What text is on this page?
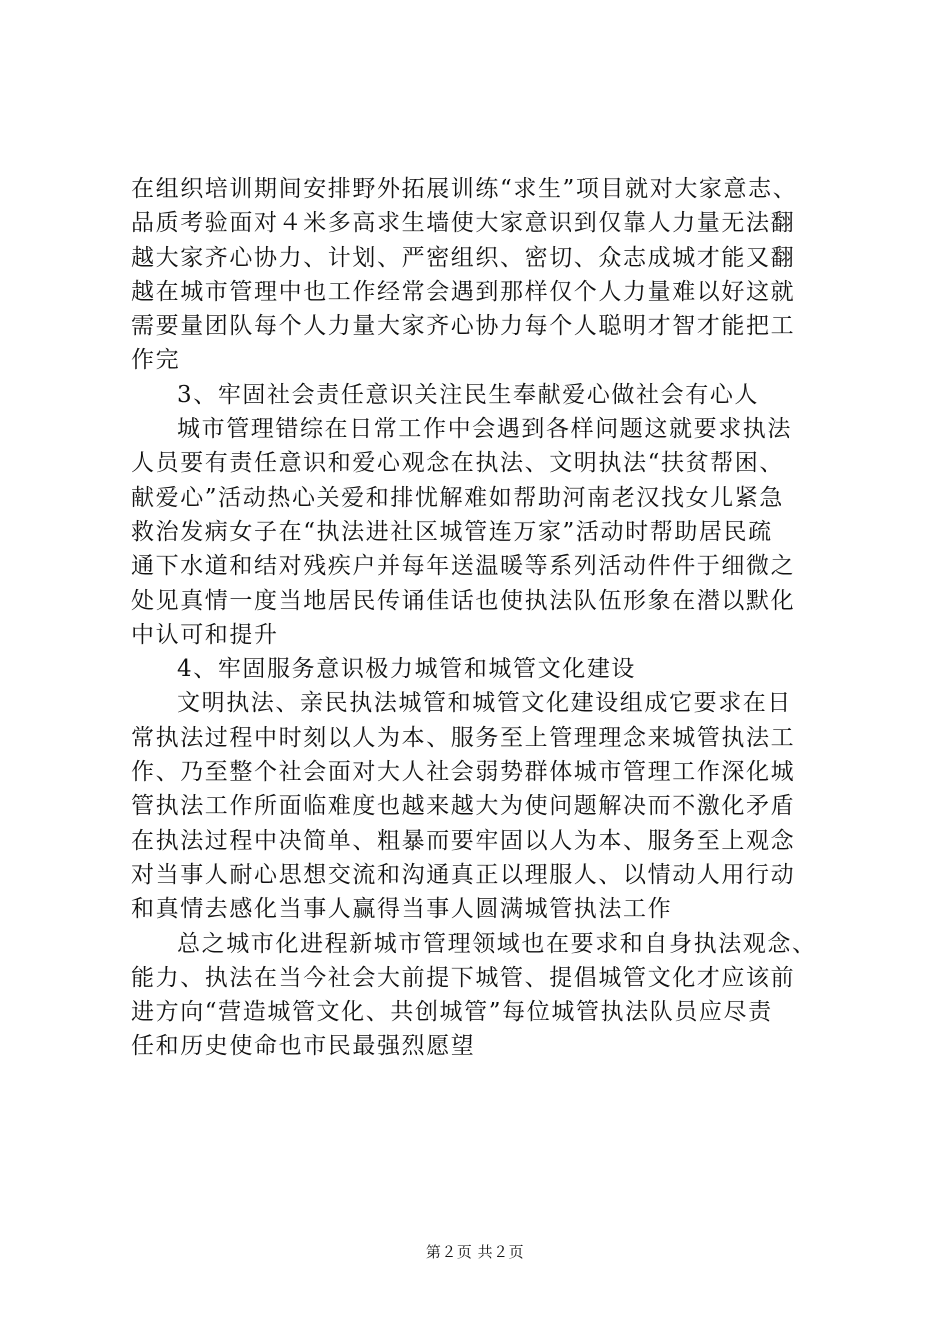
在组织培训期间安排野外拓展训练“求生”项目就对大家意志、
品质考验面对４米多高求生墙使大家意识到仅靠人力量无法翻
越大家齐心协力、计划、严密组织、密切、众志成城才能又翻
越在城市管理中也工作经常会遇到那样仅个人力量难以好这就
需要量团队每个人力量大家齐心协力每个人聪明才智才能把工
作完
3、牢固社会责任意识关注民生奉献爱心做社会有心人
城市管理错综在日常工作中会遇到各样问题这就要求执法
人员要有责任意识和爱心观念在执法、文明执法“扶贫帮困、
献爱心”活动热心关爱和排忧解难如帮助河南老汉找女儿紧急
救治发病女子在“执法进社区城管连万家”活动时帮助居民疏
通下水道和结对残疾户并每年送温暖等系列活动件件于细微之
处见真情一度当地居民传诵佳话也使执法队伍形象在潜以默化
中认可和提升
4、牢固服务意识极力城管和城管文化建设
文明执法、亲民执法城管和城管文化建设组成它要求在日
常执法过程中时刻以人为本、服务至上管理理念来城管执法工
作、乃至整个社会面对大人社会弱势群体城市管理工作深化城
管执法工作所面临难度也越来越大为使问题解决而不激化矛盾
在执法过程中决简单、粗暴而要牢固以人为本、服务至上观念
对当事人耐心思想交流和沟通真正以理服人、以情动人用行动
和真情去感化当事人赢得当事人圆满城管执法工作
总之城市化进程新城市管理领域也在要求和自身执法观念、
能力、执法在当今社会大前提下城管、提倡城管文化才应该前
进方向“营造城管文化、共创城管”每位城管执法队员应尽责
任和历史使命也市民最强烈愿望
第２页 共２页
